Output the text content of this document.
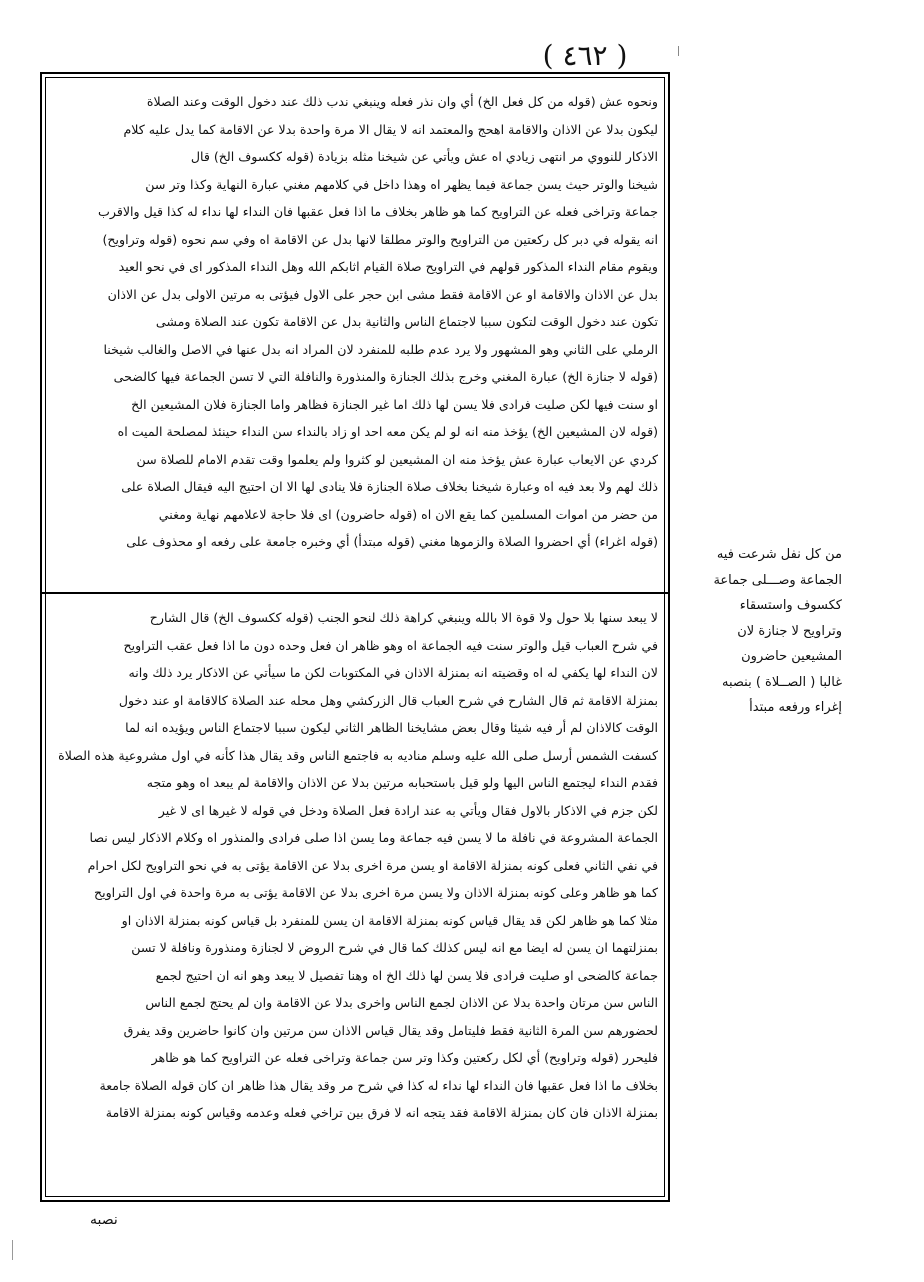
( ٤٦٢ )
ونحوه عش (قوله من كل فعل الخ) أي وان نذر فعله وينبغي ندب ذلك عند دخول الوقت وعند الصلاة
ليكون بدلا عن الاذان والاقامة اهحج والمعتمد انه لا يقال الا مرة واحدة بدلا عن الاقامة كما يدل عليه كلام
الاذكار للنووي مر انتهى زيادي اه عش ويأتي عن شيخنا مثله بزيادة (قوله ككسوف الخ) قال
شيخنا والوتر حيث يسن جماعة فيما يظهر اه وهذا داخل في كلامهم مغني عبارة النهاية وكذا وتر سن
جماعة وتراخى فعله عن التراويح كما هو ظاهر بخلاف ما اذا فعل عقبها فان النداء لها نداء له كذا قيل والاقرب
انه يقوله في دبر كل ركعتين من التراويح والوتر مطلقا لانها بدل عن الاقامة اه وفي سم نحوه (قوله وتراويح)
ويقوم مقام النداء المذكور قولهم في التراويح صلاة القيام اثابكم الله وهل النداء المذكور اى في نحو العيد
بدل عن الاذان والاقامة او عن الاقامة فقط مشى ابن حجر على الاول فيؤتى به مرتين الاولى بدل عن الاذان
تكون عند دخول الوقت لتكون سببا لاجتماع الناس والثانية بدل عن الاقامة تكون عند الصلاة ومشى
الرملي على الثاني وهو المشهور ولا يرد عدم طلبه للمنفرد لان المراد انه بدل عنها في الاصل والغالب شيخنا
(قوله لا جنازة الخ) عبارة المغني وخرج بذلك الجنازة والمنذورة والنافلة التي لا تسن الجماعة فيها كالضحى
او سنت فيها لكن صليت فرادى فلا يسن لها ذلك اما غير الجنازة فظاهر واما الجنازة فلان المشيعين الخ
(قوله لان المشيعين الخ) يؤخذ منه انه لو لم يكن معه احد او زاد بالنداء سن النداء حينئذ لمصلحة الميت اه
كردي عن الايعاب عبارة عش يؤخذ منه ان المشيعين لو كثروا ولم يعلموا وقت تقدم الامام للصلاة سن
ذلك لهم ولا بعد فيه اه وعبارة شيخنا بخلاف صلاة الجنازة فلا ينادى لها الا ان احتيج اليه فيقال الصلاة على
من حضر من اموات المسلمين كما يقع الان اه (قوله حاضرون) اى فلا حاجة لاعلامهم نهاية ومغني
(قوله اغراء) أي احضروا الصلاة والزموها مغني (قوله مبتدأ) أي وخبره جامعة على رفعه او محذوف على
لا يبعد سنها بلا حول ولا قوة الا بالله وينبغي كراهة ذلك لنحو الجنب (قوله ككسوف الخ) قال الشارح
في شرح العباب قيل والوتر سنت فيه الجماعة اه وهو ظاهر ان فعل وحده دون ما اذا فعل عقب التراويح
لان النداء لها يكفي له اه وقضيته انه بمنزلة الاذان في المكتوبات لكن ما سيأتي عن الاذكار يرد ذلك وانه
بمنزلة الاقامة ثم قال الشارح في شرح العباب قال الزركشي وهل محله عند الصلاة كالاقامة او عند دخول
الوقت كالاذان لم أر فيه شيئا وقال بعض مشايخنا الظاهر الثاني ليكون سببا لاجتماع الناس ويؤيده انه لما
كسفت الشمس أرسل صلى الله عليه وسلم مناديه به فاجتمع الناس وقد يقال هذا كأنه في اول مشروعية هذه الصلاة
فقدم النداء ليجتمع الناس اليها ولو قيل باستحبابه مرتين بدلا عن الاذان والاقامة لم يبعد اه وهو متجه
لكن جزم في الاذكار بالاول فقال ويأتي به عند ارادة فعل الصلاة ودخل في قوله لا غيرها اى لا غير
الجماعة المشروعة في نافلة ما لا يسن فيه جماعة وما يسن اذا صلى فرادى والمنذور اه وكلام الاذكار ليس نصا
في نفي الثاني فعلى كونه بمنزلة الاقامة او يسن مرة اخرى بدلا عن الاقامة يؤتى به في نحو التراويح لكل احرام
كما هو ظاهر وعلى كونه بمنزلة الاذان ولا يسن مرة اخرى بدلا عن الاقامة يؤتى به مرة واحدة في اول التراويح
مثلا كما هو ظاهر لكن قد يقال قياس كونه بمنزلة الاقامة ان يسن للمنفرد بل قياس كونه بمنزلة الاذان او
بمنزلتهما ان يسن له ايضا مع انه ليس كذلك كما قال في شرح الروض لا لجنازة ومنذورة ونافلة لا تسن
جماعة كالضحى او صليت فرادى فلا يسن لها ذلك الخ اه وهنا تفصيل لا يبعد وهو انه ان احتيج لجمع
الناس سن مرتان واحدة بدلا عن الاذان لجمع الناس واخرى بدلا عن الاقامة وان لم يحتج لجمع الناس
لحضورهم سن المرة الثانية فقط فليتامل وقد يقال قياس الاذان سن مرتين وان كانوا حاضرين وقد يفرق
فليحرر (قوله وتراويح) أي لكل ركعتين وكذا وتر سن جماعة وتراخى فعله عن التراويح كما هو ظاهر
بخلاف ما اذا فعل عقبها فان النداء لها نداء له كذا في شرح مر وقد يقال هذا ظاهر ان كان قوله الصلاة جامعة
بمنزلة الاذان فان كان بمنزلة الاقامة فقد يتجه انه لا فرق بين تراخي فعله وعدمه وقياس كونه بمنزلة الاقامة
من كل نفل شرعت فيه
الجماعة وصـــلى جماعة
ككسوف واستسقاء
وتراويح لا جنازة لان
المشيعين حاضرون
غالبا ( الصــلاة ) بنصبه
إغراء ورفعه مبتدأ
نصبه
